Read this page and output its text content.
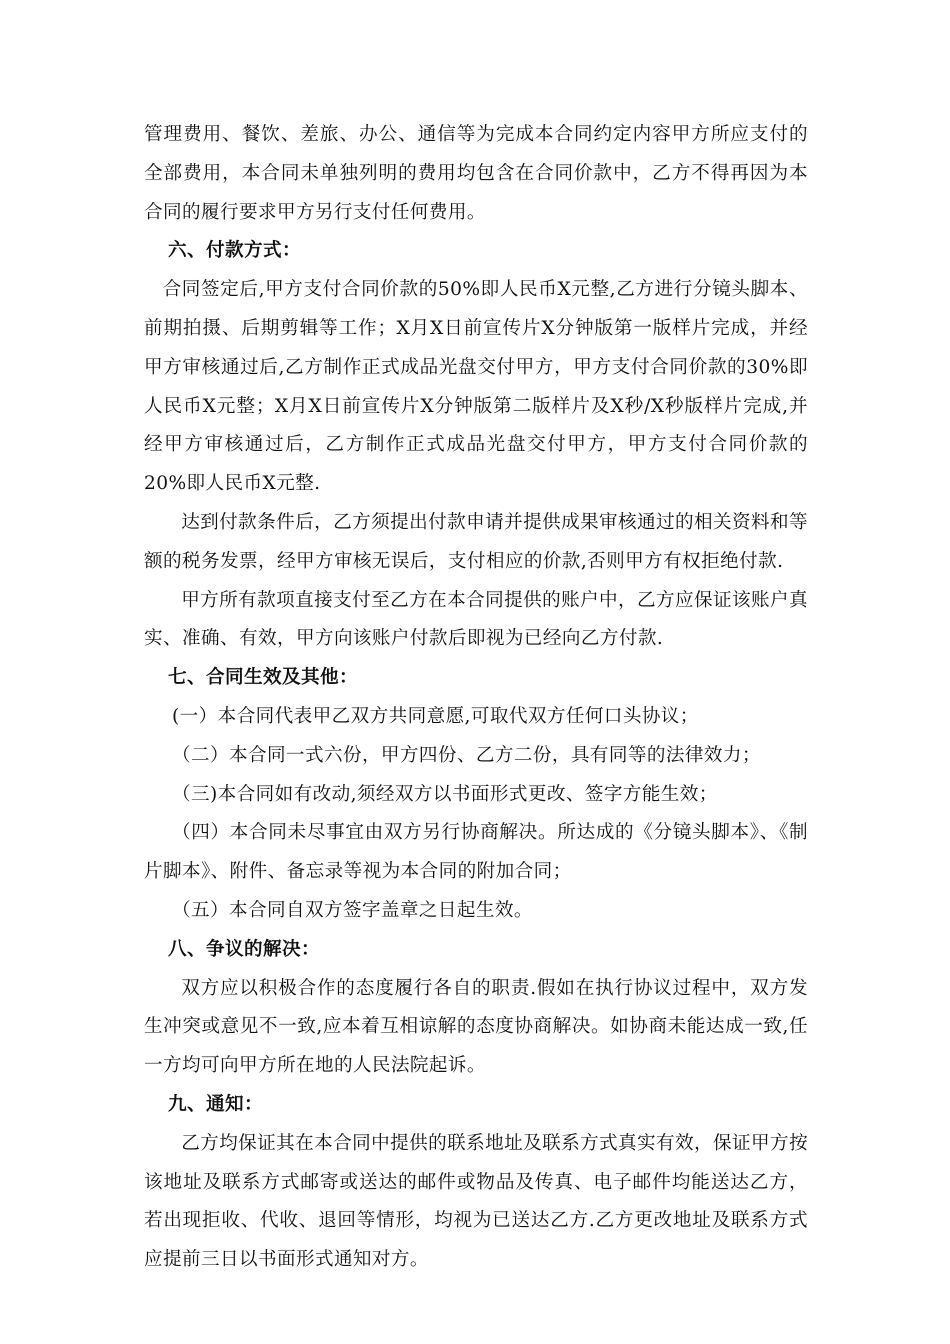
管理费用、餐饮、差旅、办公、通信等为完成本合同约定内容甲方所应支付的全部费用，本合同未单独列明的费用均包含在合同价款中，乙方不得再因为本合同的履行要求甲方另行支付任何费用。

六、付款方式：

合同签定后,甲方支付合同价款的50%即人民币X元整,乙方进行分镜头脚本、前期拍摄、后期剪辑等工作；X月X日前宣传片X分钟版第一版样片完成，并经甲方审核通过后,乙方制作正式成品光盘交付甲方，甲方支付合同价款的30%即人民币X元整；X月X日前宣传片X分钟版第二版样片及X秒/X秒版样片完成,并经甲方审核通过后，乙方制作正式成品光盘交付甲方，甲方支付合同价款的20%即人民币X元整.

达到付款条件后，乙方须提出付款申请并提供成果审核通过的相关资料和等额的税务发票，经甲方审核无误后，支付相应的价款,否则甲方有权拒绝付款.

甲方所有款项直接支付至乙方在本合同提供的账户中，乙方应保证该账户真实、准确、有效，甲方向该账户付款后即视为已经向乙方付款.

七、合同生效及其他：

(一）本合同代表甲乙双方共同意愿,可取代双方任何口头协议；

（二）本合同一式六份，甲方四份、乙方二份，具有同等的法律效力；

（三)本合同如有改动,须经双方以书面形式更改、签字方能生效；

（四）本合同未尽事宜由双方另行协商解决。所达成的《分镜头脚本》、《制片脚本》、附件、备忘录等视为本合同的附加合同；

（五）本合同自双方签字盖章之日起生效。

八、争议的解决：

双方应以积极合作的态度履行各自的职责.假如在执行协议过程中，双方发生冲突或意见不一致,应本着互相谅解的态度协商解决。如协商未能达成一致,任一方均可向甲方所在地的人民法院起诉。

九、通知：

乙方均保证其在本合同中提供的联系地址及联系方式真实有效，保证甲方按该地址及联系方式邮寄或送达的邮件或物品及传真、电子邮件均能送达乙方，若出现拒收、代收、退回等情形，均视为已送达乙方.乙方更改地址及联系方式应提前三日以书面形式通知对方。
